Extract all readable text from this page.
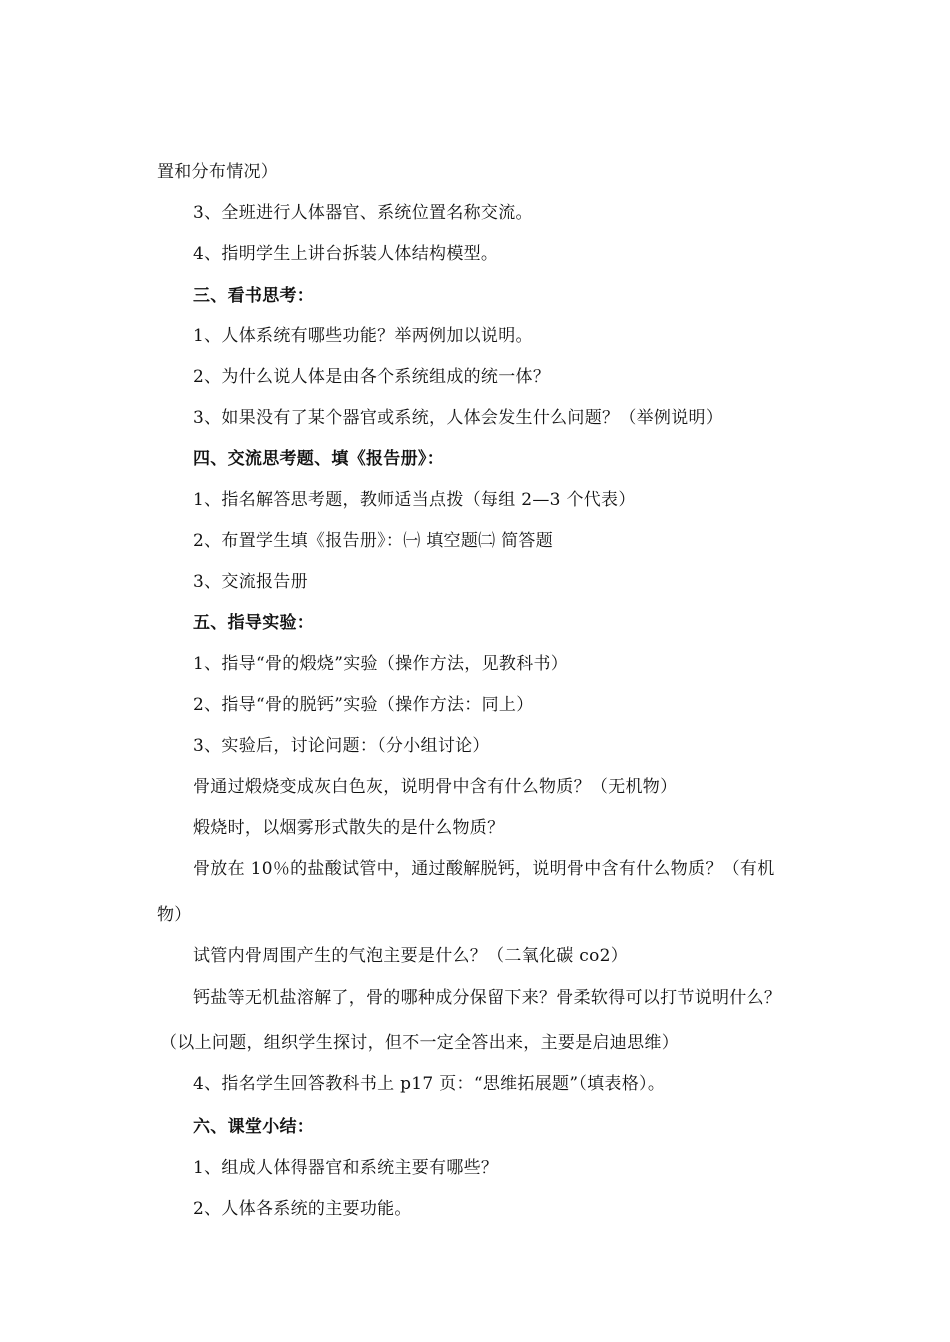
置和分布情况）
3、全班进行人体器官、系统位置名称交流。
4、指明学生上讲台拆装人体结构模型。
三、看书思考：
1、人体系统有哪些功能？举两例加以说明。
2、为什么说人体是由各个系统组成的统一体？
3、如果没有了某个器官或系统，人体会发生什么问题？（举例说明）
四、交流思考题、填《报告册》：
1、指名解答思考题，教师适当点拨（每组 2—3 个代表）
2、布置学生填《报告册》：㈠ 填空题㈡ 简答题
3、交流报告册
五、指导实验：
1、指导“骨的煅烧”实验（操作方法，见教科书）
2、指导“骨的脱钙”实验（操作方法：同上）
3、实验后，讨论问题：（分小组讨论）
骨通过煅烧变成灰白色灰，说明骨中含有什么物质？（无机物）
煅烧时，以烟雾形式散失的是什么物质？
骨放在 10％的盐酸试管中，通过酸解脱钙，说明骨中含有什么物质？（有机
物）
试管内骨周围产生的气泡主要是什么？（二氧化碳 co2）
钙盐等无机盐溶解了，骨的哪种成分保留下来？骨柔软得可以打节说明什么？
（以上问题，组织学生探讨，但不一定全答出来，主要是启迪思维）
4、指名学生回答教科书上 p17 页：“思维拓展题”（填表格）。
六、课堂小结：
1、组成人体得器官和系统主要有哪些？
2、人体各系统的主要功能。
